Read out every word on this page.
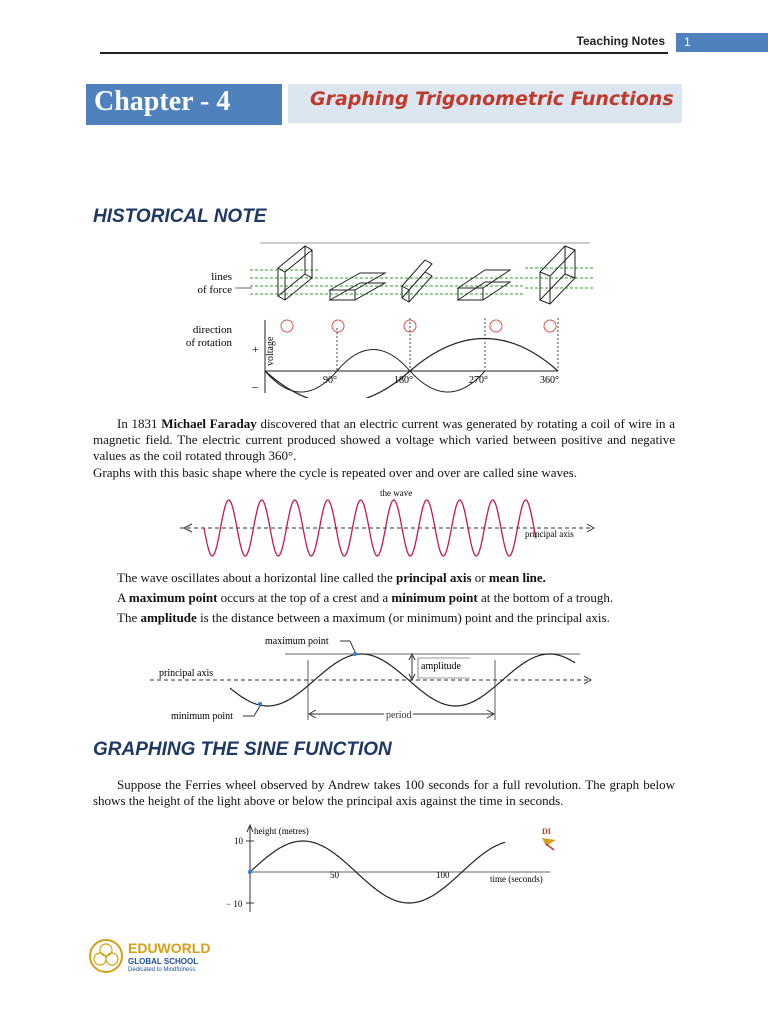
Teaching Notes 1
Chapter - 4	Graphing Trigonometric Functions
HISTORICAL NOTE
lines
of force
direction
of rotation +
–
voltage
90°	180°	270°	360°
In 1831 Michael Faraday discovered that an electric current was generated by rotating a coil of wire in a magnetic field. The electric current produced showed a voltage which varied between positive and negative values as the coil rotated through 360°.
Graphs with this basic shape where the cycle is repeated over and over are called sine waves.
the wave
principal axis
The wave oscillates about a horizontal line called the principal axis or mean line.
A maximum point occurs at the top of a crest and a minimum point at the bottom of a trough.
The amplitude is the distance between a maximum (or minimum) point and the principal axis.
maximum point
principal axis
amplitude
minimum point	period
GRAPHING THE SINE FUNCTION
Suppose the Ferries wheel observed by Andrew takes 100 seconds for a full revolution. The graph below shows the height of the light above or below the principal axis against the time in seconds.
height (metres)
10
− 10
50	100	time (seconds)
DI
EDUWORLD
GLOBAL SCHOOL
Dedicated to Mindfulness
